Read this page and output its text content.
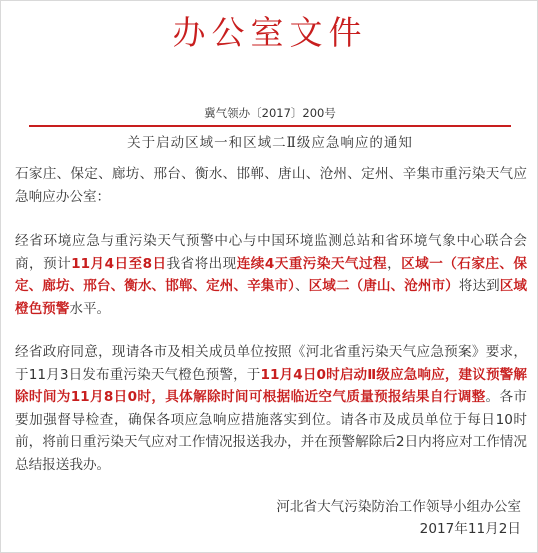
办公室文件
冀气领办〔2017〕200号
关于启动区域一和区域二Ⅱ级应急响应的通知
石家庄、保定、廊坊、邢台、衡水、邯郸、唐山、沧州、定州、辛集市重污染天气应急响应办公室：
经省环境应急与重污染天气预警中心与中国环境监测总站和省环境气象中心联合会商，预计11月4日至8日我省将出现连续4天重污染天气过程，区域一（石家庄、保定、廊坊、邢台、衡水、邯郸、定州、辛集市）、区域二（唐山、沧州市）将达到区域橙色预警水平。
经省政府同意，现请各市及相关成员单位按照《河北省重污染天气应急预案》要求，于11月3日发布重污染天气橙色预警，于11月4日0时启动Ⅱ级应急响应，建议预警解除时间为11月8日0时，具体解除时间可根据临近空气质量预报结果自行调整。各市要加强督导检查，确保各项应急响应措施落实到位。请各市及成员单位于每日10时前，将前日重污染天气应对工作情况报送我办，并在预警解除后2日内将应对工作情况总结报送我办。
河北省大气污染防治工作领导小组办公室
2017年11月2日
